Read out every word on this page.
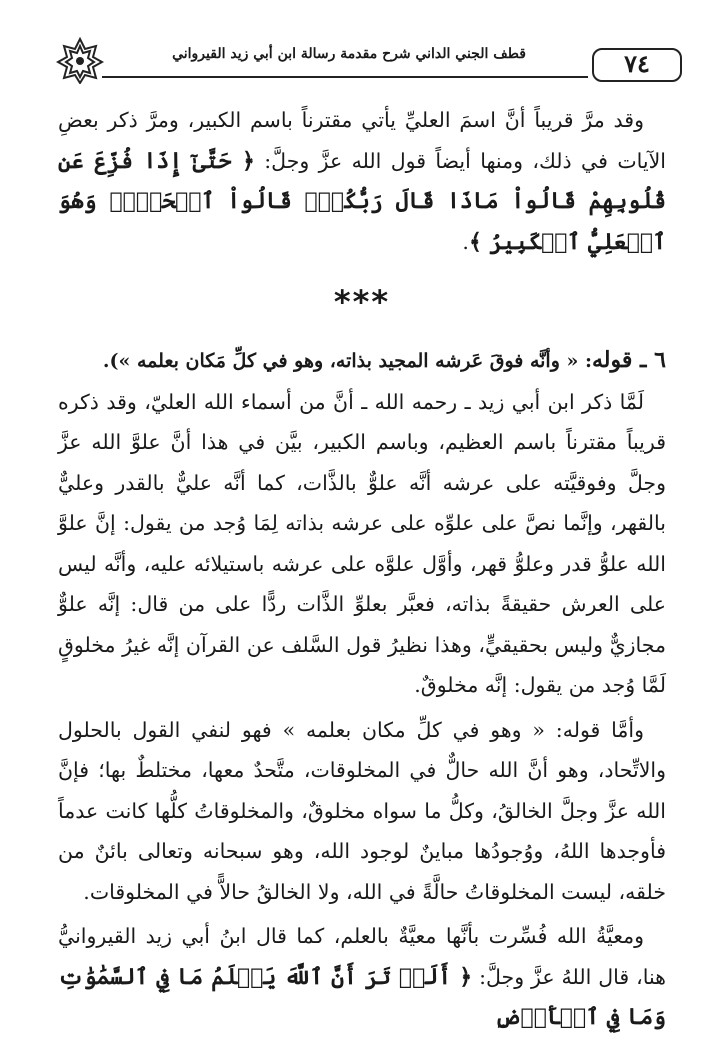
قطف الجني الداني شرح مقدمة رسالة ابن أبي زيد القيرواني	٧٤

وقد مرَّ قريباً أنَّ اسمَ العليِّ يأتي مقترناً باسم الكبير، ومرَّ ذكر بعضِ الآيات في ذلك، ومنها أيضاً قول الله عزَّ وجلَّ: ﴿ حَتَّىٰٓ إِذَا فُزِّعَ عَن قُلُوبِهِمْ قَالُواْ مَاذَا قَالَ رَبُّكُمْۖ قَالُواْ ٱلۡحَقَّۖ وَهُوَ ٱلۡعَلِيُّ ٱلۡكَبِيرُ ﴾.

***

٦ ـ قوله: « وأنَّه فوقَ عَرشه المجيد بذاته، وهو في كلِّ مَكان بعلمه »).

لَمَّا ذكر ابن أبي زيد ـ رحمه الله ـ أنَّ من أسماء الله العليّ، وقد ذكره قريباً مقترناً باسم العظيم، وباسم الكبير، بيَّن في هذا أنَّ علوَّ الله عزَّ وجلَّ وفوقيَّته على عرشه أنَّه علوٌّ بالذَّات، كما أنَّه عليٌّ بالقدر وعليٌّ بالقهر، وإنَّما نصَّ على علوِّه على عرشه بذاته لِمَا وُجد من يقول: إنَّ علوَّ الله علوُّ قدر وعلوُّ قهر، وأوَّل علوَّه على عرشه باستيلائه عليه، وأنَّه ليس على العرش حقيقةً بذاته، فعبَّر بعلوِّ الذَّات ردًّا على من قال: إنَّه علوٌّ مجازيٌّ وليس بحقيقيٍّ، وهذا نظيرُ قول السَّلف عن القرآن إنَّه غيرُ مخلوقٍ لَمَّا وُجد من يقول: إنَّه مخلوقٌ.

وأمَّا قوله: « وهو في كلِّ مكان بعلمه » فهو لنفي القول بالحلول والاتِّحاد، وهو أنَّ الله حالٌّ في المخلوقات، متَّحدٌ معها، مختلطٌ بها؛ فإنَّ الله عزَّ وجلَّ الخالقُ، وكلُّ ما سواه مخلوقٌ، والمخلوقاتُ كلُّها كانت عدماً فأوجدها اللهُ، ووُجودُها مباينٌ لوجود الله، وهو سبحانه وتعالى بائنٌ من خلقه، ليست المخلوقاتُ حالَّةً في الله، ولا الخالقُ حالاًّ في المخلوقات.

ومعيَّةُ الله فُسِّرت بأنَّها معيَّةٌ بالعلم، كما قال ابنُ أبي زيد القيروانيُّ هنا، قال اللهُ عزَّ وجلَّ: ﴿ أَلَمۡ تَرَ أَنَّ ٱللَّهَ يَعۡلَمُ مَا فِي ٱلسَّمَٰوَٰتِ وَمَا فِي ٱلۡأَرۡضِ
